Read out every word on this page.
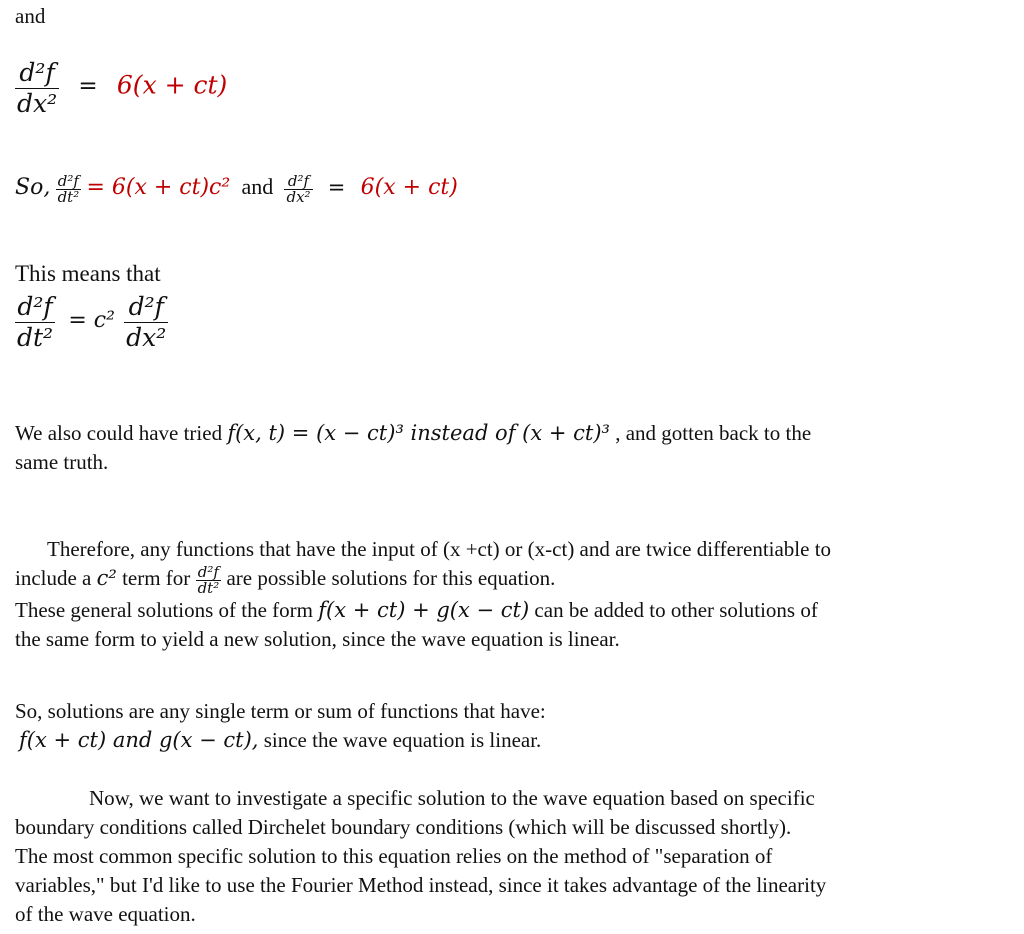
and
$\frac{\text{d²f}}{\text{dx²}} = 6(x + ct)$
So, $\frac{\text{d²f}}{\text{dt²}} = 6(x + ct)c^2$ and $\frac{\text{d²f}}{\text{dx²}} = 6(x + ct)$
This means that
$\frac{\text{d²f}}{\text{dt²}} = c^2 \frac{\text{d²f}}{\text{dx²}}$
We also could have tried f(x, t) = (x − ct)³ instead of (x + ct)³ , and gotten back to the
same truth.
Therefore, any functions that have the input of (x +ct) or (x-ct) and are twice differentiable to
include a c² term for $\frac{\text{d²f}}{\text{dt²}}$ are possible solutions for this equation.
These general solutions of the form f(x + ct) + g(x − ct) can be added to other solutions of
the same form to yield a new solution, since the wave equation is linear.
So, solutions are any single term or sum of functions that have:
f(x + ct) and g(x − ct), since the wave equation is linear.
Now, we want to investigate a specific solution to the wave equation based on specific
boundary conditions called Dirchelet boundary conditions (which will be discussed shortly).
The most common specific solution to this equation relies on the method of "separation of
variables," but I'd like to use the Fourier Method instead, since it takes advantage of the linearity
of the wave equation.
